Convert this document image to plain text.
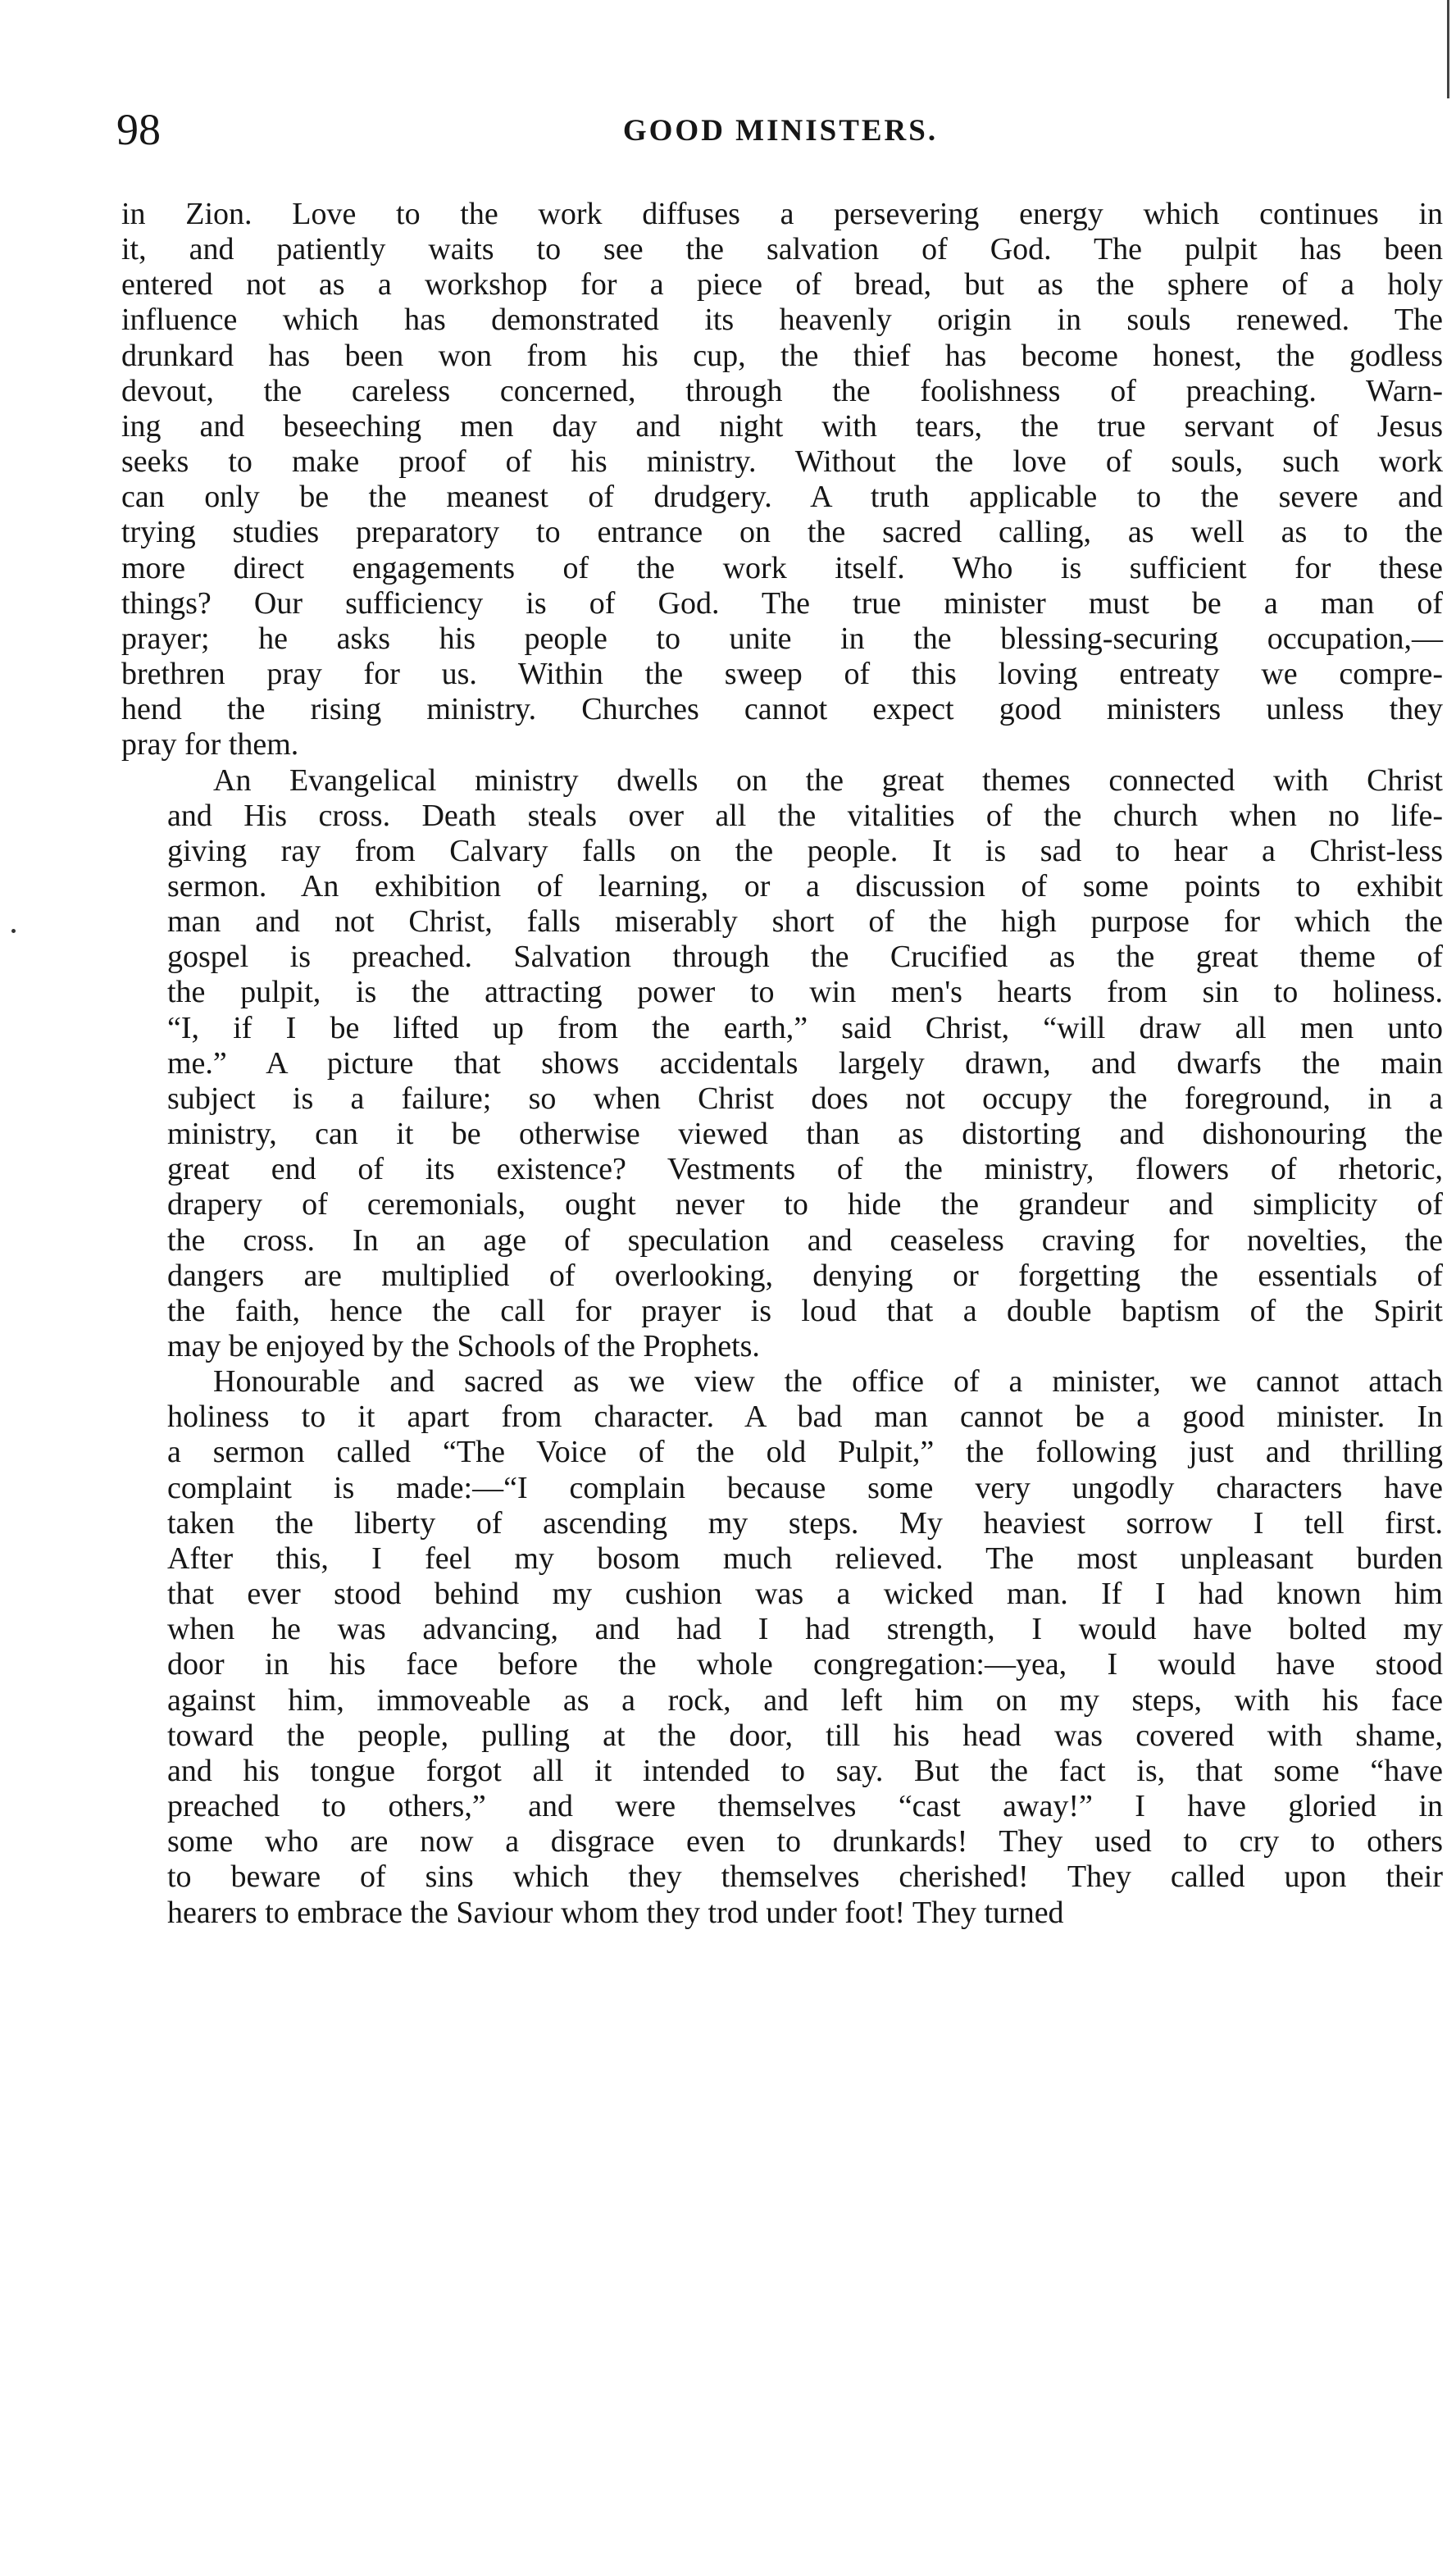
98	GOOD MINISTERS.

in Zion. Love to the work diffuses a persevering energy which continues in
it, and patiently waits to see the salvation of God. The pulpit has been
entered not as a workshop for a piece of bread, but as the sphere of a holy
influence which has demonstrated its heavenly origin in souls renewed. The
drunkard has been won from his cup, the thief has become honest, the godless
devout, the careless concerned, through the foolishness of preaching. Warn-
ing and beseeching men day and night with tears, the true servant of Jesus
seeks to make proof of his ministry. Without the love of souls, such work
can only be the meanest of drudgery. A truth applicable to the severe and
trying studies preparatory to entrance on the sacred calling, as well as to the
more direct engagements of the work itself. Who is sufficient for these
things? Our sufficiency is of God. The true minister must be a man of
prayer; he asks his people to unite in the blessing-securing occupation,—
brethren pray for us. Within the sweep of this loving entreaty we compre-
hend the rising ministry. Churches cannot expect good ministers unless they
pray for them.

An Evangelical ministry dwells on the great themes connected with Christ
and His cross. Death steals over all the vitalities of the church when no life-
giving ray from Calvary falls on the people. It is sad to hear a Christ-less
sermon. An exhibition of learning, or a discussion of some points to exhibit
man and not Christ, falls miserably short of the high purpose for which the
gospel is preached. Salvation through the Crucified as the great theme of
the pulpit, is the attracting power to win men's hearts from sin to holiness.
“I, if I be lifted up from the earth,” said Christ, “will draw all men unto
me.” A picture that shows accidentals largely drawn, and dwarfs the main
subject is a failure; so when Christ does not occupy the foreground, in a
ministry, can it be otherwise viewed than as distorting and dishonouring the
great end of its existence? Vestments of the ministry, flowers of rhetoric,
drapery of ceremonials, ought never to hide the grandeur and simplicity of
the cross. In an age of speculation and ceaseless craving for novelties, the
dangers are multiplied of overlooking, denying or forgetting the essentials of
the faith, hence the call for prayer is loud that a double baptism of the Spirit
may be enjoyed by the Schools of the Prophets.

Honourable and sacred as we view the office of a minister, we cannot attach
holiness to it apart from character. A bad man cannot be a good minister. In
a sermon called “The Voice of the old Pulpit,” the following just and thrilling
complaint is made:—“I complain because some very ungodly characters have
taken the liberty of ascending my steps. My heaviest sorrow I tell first.
After this, I feel my bosom much relieved. The most unpleasant burden
that ever stood behind my cushion was a wicked man. If I had known him
when he was advancing, and had I had strength, I would have bolted my
door in his face before the whole congregation:—yea, I would have stood
against him, immoveable as a rock, and left him on my steps, with his face
toward the people, pulling at the door, till his head was covered with shame,
and his tongue forgot all it intended to say. But the fact is, that some “have
preached to others,” and were themselves “cast away!” I have gloried in
some who are now a disgrace even to drunkards! They used to cry to others
to beware of sins which they themselves cherished! They called upon their
hearers to embrace the Saviour whom they trod under foot! They turned
